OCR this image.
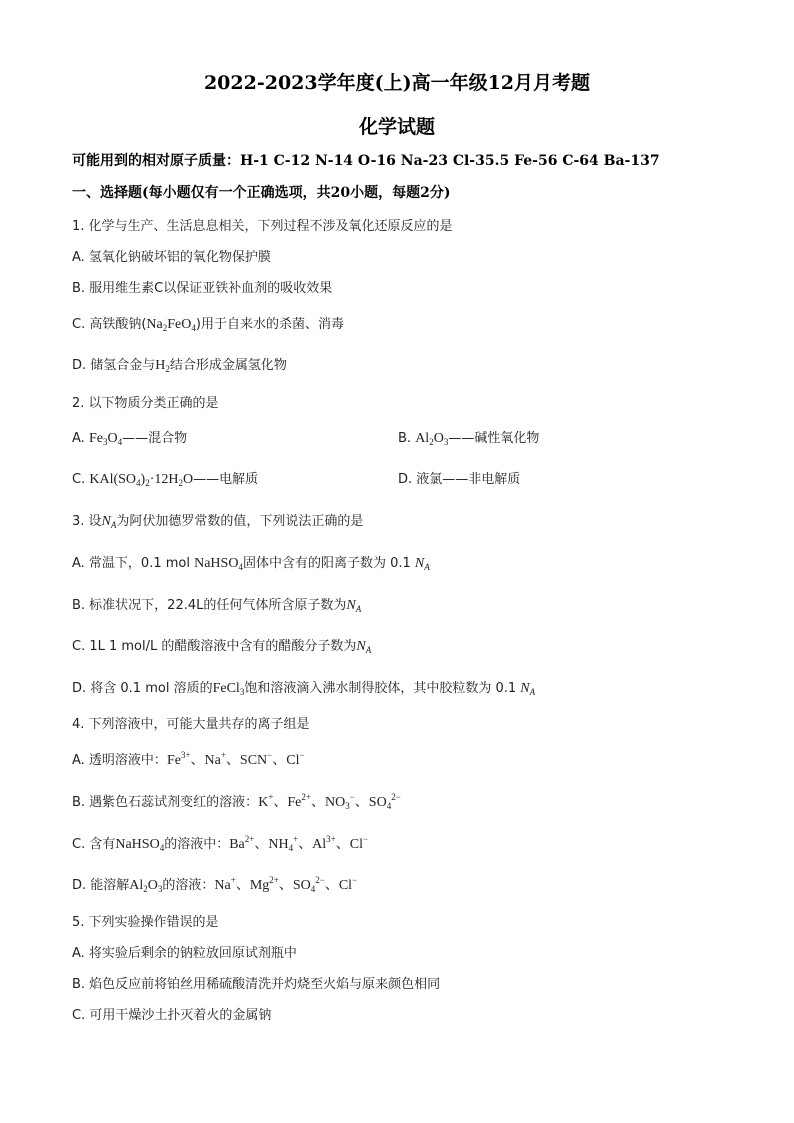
2022-2023学年度(上)高一年级12月月考题
化学试题
可能用到的相对原子质量：H-1 C-12 N-14 O-16 Na-23 Cl-35.5 Fe-56 C-64 Ba-137
一、选择题(每小题仅有一个正确选项，共20小题，每题2分)
1. 化学与生产、生活息息相关，下列过程不涉及氧化还原反应的是
A. 氢氧化钠破坏铝的氧化物保护膜
B. 服用维生素C以保证亚铁补血剂的吸收效果
C. 高铁酸钠$(Na_2FeO_4)$用于自来水的杀菌、消毒
D. 储氢合金与$H_2$结合形成金属氢化物
2. 以下物质分类正确的是
A. $Fe_3O_4——$混合物	B. $Al_2O_3——$碱性氧化物
C. $KAl(SO_4)_2\cdot 12H_2O——$电解质	D. 液氯——非电解质
3. 设$N_A$为阿伏加德罗常数的值，下列说法正确的是
A. 常温下，0.1 mol NaHSO$_4$固体中含有的阳离子数为 0.1 $N_A$
B. 标准状况下，22.4L的任何气体所含原子数为$N_A$
C. 1L 1 mol/L 的醋酸溶液中含有的醋酸分子数为$N_A$
D. 将含 0.1 mol 溶质的FeCl$_3$饱和溶液滴入沸水制得胶体，其中胶粒数为 0.1 $N_A$
4. 下列溶液中，可能大量共存的离子组是
A. 透明溶液中：$Fe^{3+}$、Na+、SCN−、Cl−
B. 遇紫色石蕊试剂变红的溶液：K+、$Fe^{2+}$、$NO_3^-$、$SO_4^{2-}$
C. 含有NaHSO$_4$的溶液中：$Ba^{2+}$、$NH_4^+$、$Al^{3+}$、Cl−
D. 能溶解$Al_2O_3$的溶液：Na+、$Mg^{2+}$、$SO_4^{2-}$、Cl−
5. 下列实验操作错误的是
A. 将实验后剩余的钠粒放回原试剂瓶中
B. 焰色反应前将铂丝用稀硫酸清洗并灼烧至火焰与原来颜色相同
C. 可用干燥沙土扑灭着火的金属钠
